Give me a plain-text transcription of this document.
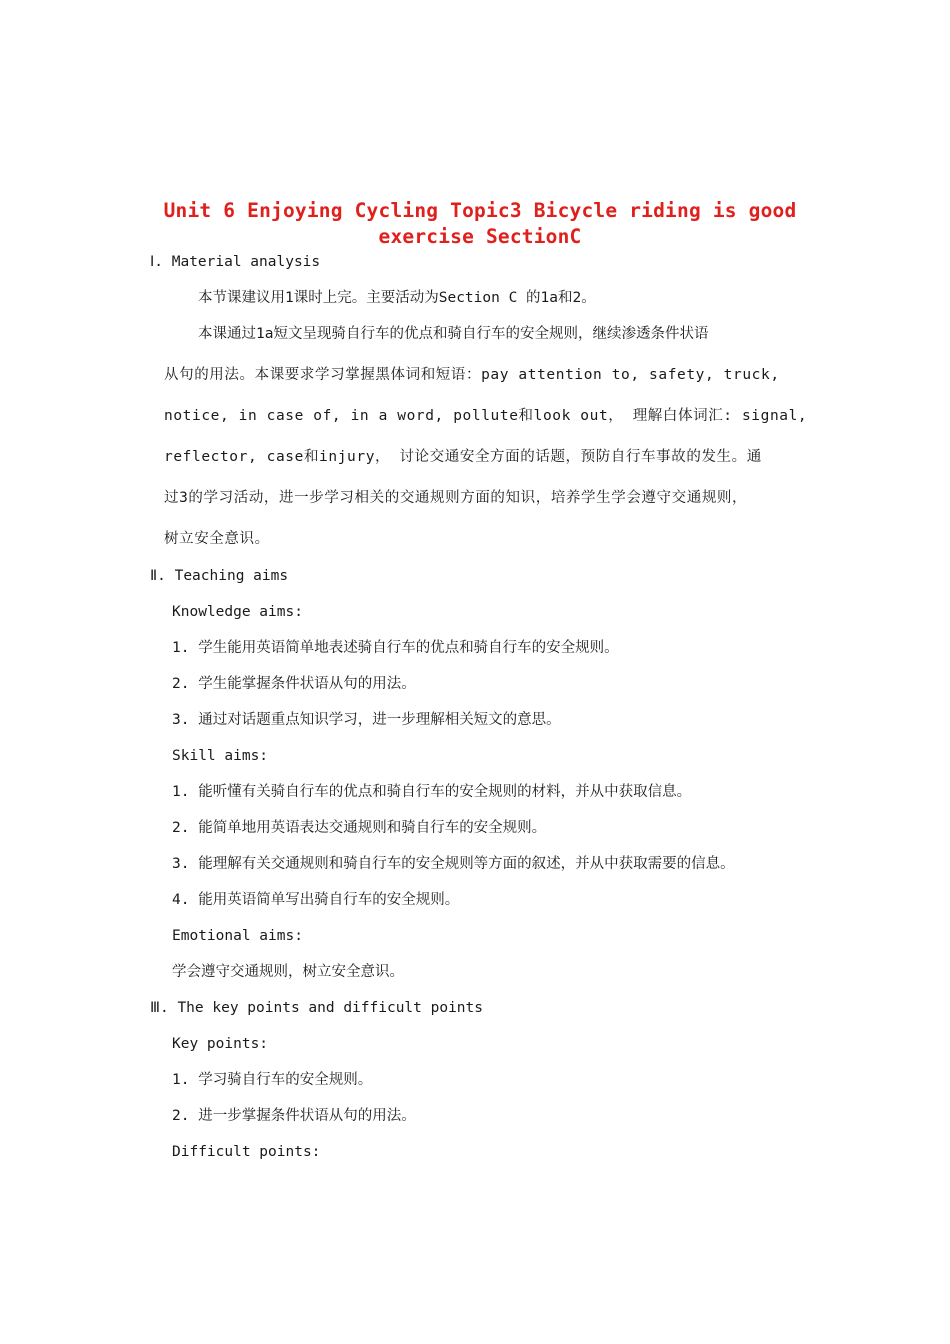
Unit 6 Enjoying Cycling Topic3 Bicycle riding is good
exercise SectionC
Ⅰ. Material analysis
本节课建议用1课时上完。主要活动为Section C 的1a和2。
本课通过1a短文呈现骑自行车的优点和骑自行车的安全规则，继续渗透条件状语
从句的用法。本课要求学习掌握黑体词和短语：pay attention to, safety, truck,
notice, in case of, in a word, pollute和look out， 理解白体词汇: signal,
reflector, case和injury， 讨论交通安全方面的话题，预防自行车事故的发生。通
过3的学习活动，进一步学习相关的交通规则方面的知识，培养学生学会遵守交通规则，
树立安全意识。
Ⅱ. Teaching aims
Knowledge aims:
1. 学生能用英语简单地表述骑自行车的优点和骑自行车的安全规则。
2. 学生能掌握条件状语从句的用法。
3. 通过对话题重点知识学习，进一步理解相关短文的意思。
Skill aims:
1. 能听懂有关骑自行车的优点和骑自行车的安全规则的材料，并从中获取信息。
2. 能简单地用英语表达交通规则和骑自行车的安全规则。
3. 能理解有关交通规则和骑自行车的安全规则等方面的叙述，并从中获取需要的信息。
4. 能用英语简单写出骑自行车的安全规则。
Emotional aims:
学会遵守交通规则，树立安全意识。
Ⅲ. The key points and difficult points
Key points:
1. 学习骑自行车的安全规则。
2. 进一步掌握条件状语从句的用法。
Difficult points:
